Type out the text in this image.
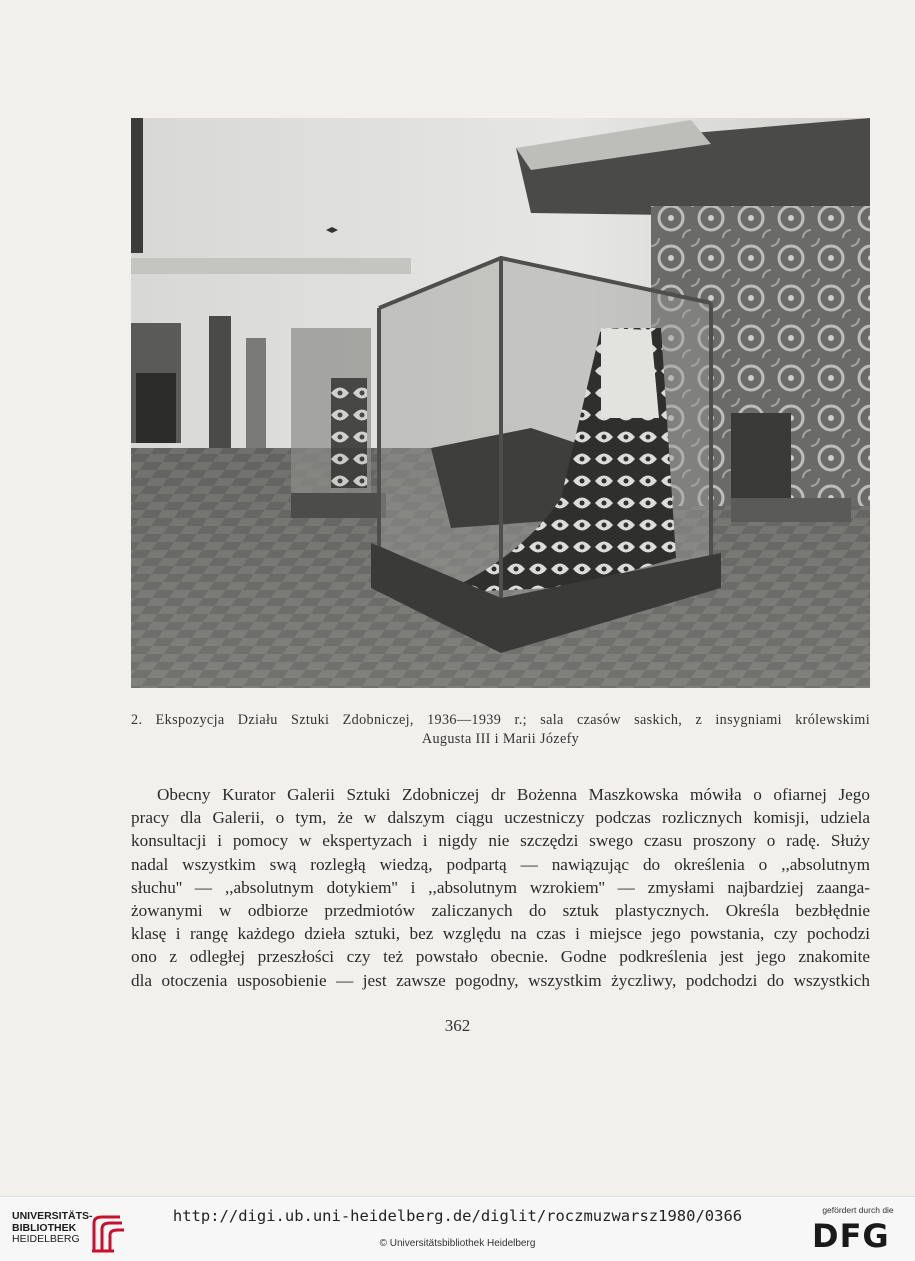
2. Ekspozycja Działu Sztuki Zdobniczej, 1936—1939 r.; sala czasów saskich, z insygniami królewskimi
Augusta III i Marii Józefy
Obecny Kurator Galerii Sztuki Zdobniczej dr Bożenna Maszkowska mówiła o ofiarnej Jego
pracy dla Galerii, o tym, że w dalszym ciągu uczestniczy podczas rozlicznych komisji, udziela
konsultacji i pomocy w ekspertyzach i nigdy nie szczędzi swego czasu proszony o radę. Służy
nadal wszystkim swą rozległą wiedzą, podpartą — nawiązując do określenia o ,,absolutnym
słuchu'' — ,,absolutnym dotykiem'' i ,,absolutnym wzrokiem'' — zmysłami najbardziej zaanga-
żowanymi w odbiorze przedmiotów zaliczanych do sztuk plastycznych. Określa bezbłędnie
klasę i rangę każdego dzieła sztuki, bez względu na czas i miejsce jego powstania, czy pochodzi
ono z odległej przeszłości czy też powstało obecnie. Godne podkreślenia jest jego znakomite
dla otoczenia usposobienie — jest zawsze pogodny, wszystkim życzliwy, podchodzi do wszystkich
362
UNIVERSITÄTS-
BIBLIOTHEK
HEIDELBERG
http://digi.ub.uni-heidelberg.de/diglit/roczmuzwarsz1980/0366
© Universitätsbibliothek Heidelberg
gefördert durch die
DFG
